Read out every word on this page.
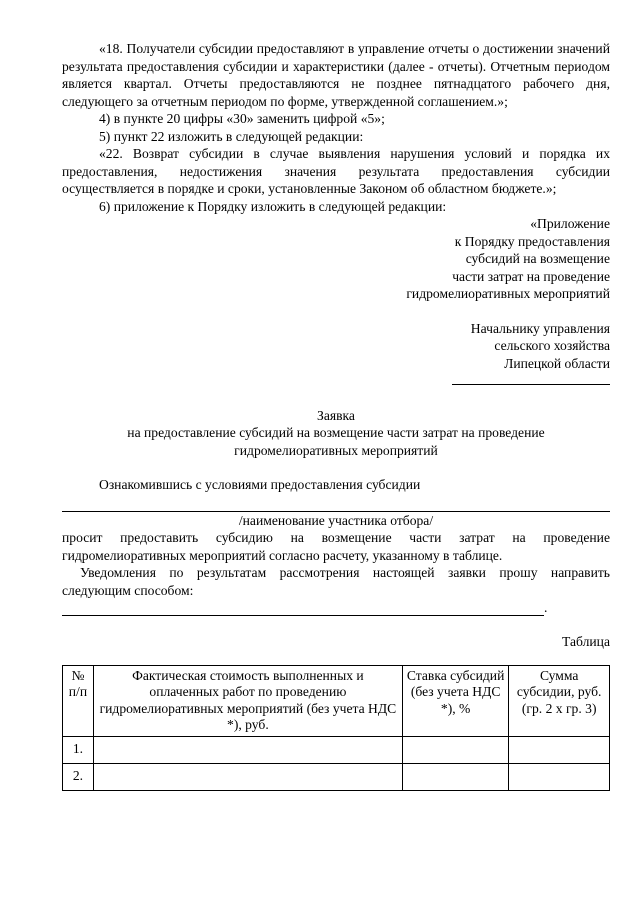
«18. Получатели субсидии предоставляют в управление отчеты о достижении значений результата предоставления субсидии и характеристики (далее - отчеты). Отчетным периодом является квартал. Отчеты предоставляются не позднее пятнадцатого рабочего дня, следующего за отчетным периодом по форме, утвержденной соглашением.»;

4) в пункте 20 цифры «30» заменить цифрой «5»;

5) пункт 22 изложить в следующей редакции:

«22. Возврат субсидии в случае выявления нарушения условий и порядка их предоставления, недостижения значения результата предоставления субсидии осуществляется в порядке и сроки, установленные Законом об областном бюджете.»;

6) приложение к Порядку изложить в следующей редакции:

«Приложение

к Порядку предоставления

субсидий на возмещение

части затрат на проведение

гидромелиоративных мероприятий

Начальнику управления

сельского хозяйства

Липецкой области

Заявка

на предоставление субсидий на возмещение части затрат на проведение гидромелиоративных мероприятий

Ознакомившись с условиями предоставления субсидии

/наименование участника отбора/

просит предоставить субсидию на возмещение части затрат на проведение гидромелиоративных мероприятий согласно расчету, указанному в таблице.

Уведомления по результатам рассмотрения настоящей заявки прошу направить следующим способом:

.

Таблица

№ п/п	Фактическая стоимость выполненных и оплаченных работ по проведению гидромелиоративных мероприятий (без учета НДС *), руб.	Ставка субсидий (без учета НДС *), %	Сумма субсидии, руб. (гр. 2 х гр. 3)
1.			
2.			
